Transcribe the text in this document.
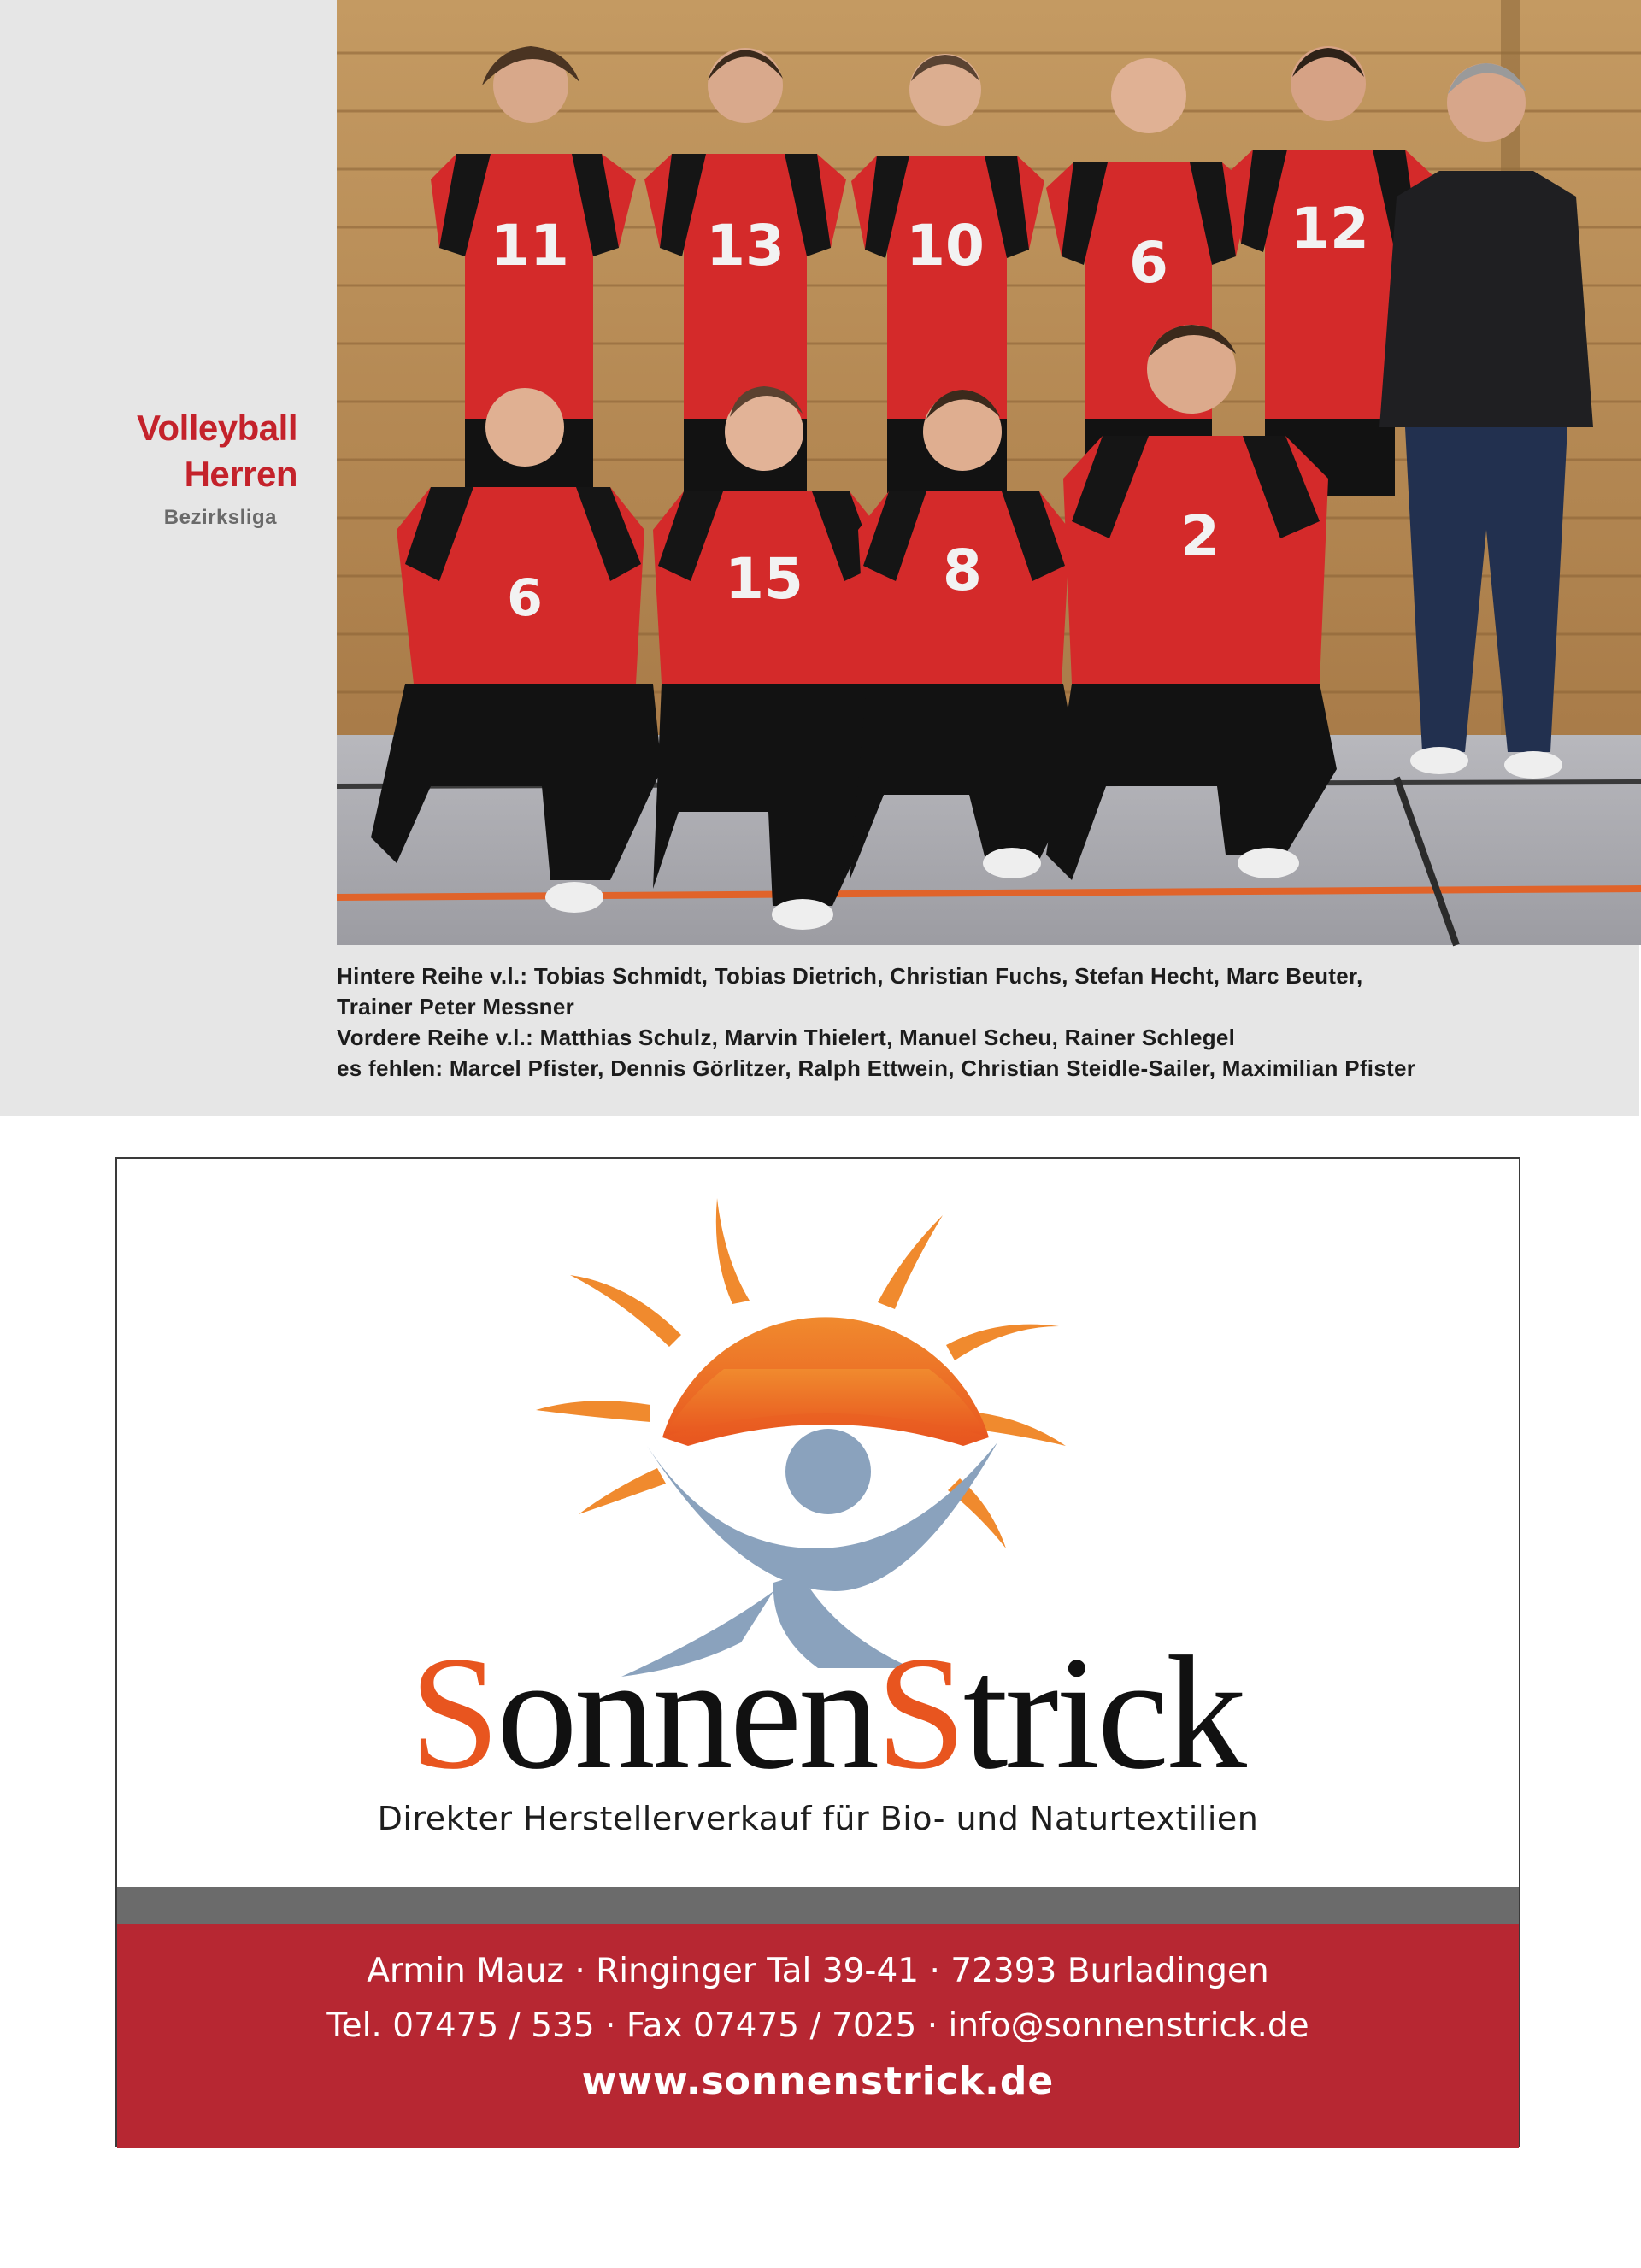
Volleyball
Herren
Bezirksliga
11 13 10	6
12
6	15 8
2
Hintere Reihe v.l.: Tobias Schmidt, Tobias Dietrich, Christian Fuchs, Stefan Hecht, Marc Beuter,
Trainer Peter Messner
Vordere Reihe v.l.: Matthias Schulz, Marvin Thielert, Manuel Scheu, Rainer Schlegel
es fehlen: Marcel Pfister, Dennis Görlitzer, Ralph Ettwein, Christian Steidle-Sailer, Maximilian Pfister
SonnenStrick
Direkter Herstellerverkauf für Bio- und Naturtextilien
Armin Mauz · Ringinger Tal 39-41 · 72393 Burladingen
Tel. 07475 / 535 · Fax 07475 / 7025 · info@sonnenstrick.de
www.sonnenstrick.de
